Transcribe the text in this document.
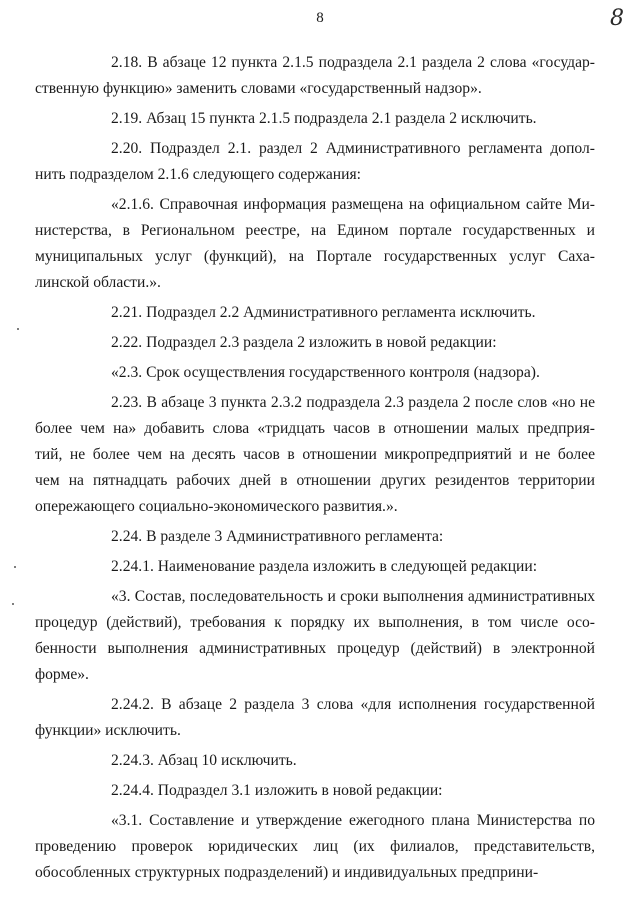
8	8

2.18. В абзаце 12 пункта 2.1.5 подраздела 2.1 раздела 2 слова «государ-
ственную функцию» заменить словами «государственный надзор».

2.19. Абзац 15 пункта 2.1.5 подраздела 2.1 раздела 2 исключить.

2.20. Подраздел 2.1. раздел 2 Административного регламента допол-
нить подразделом 2.1.6 следующего содержания:

«2.1.6. Справочная информация размещена на официальном сайте Ми-
нистерства, в Региональном реестре, на Едином портале государственных и
муниципальных услуг (функций), на Портале государственных услуг Саха-
линской области.».

2.21. Подраздел 2.2 Административного регламента исключить.

2.22. Подраздел 2.3 раздела 2 изложить в новой редакции:

«2.3. Срок осуществления государственного контроля (надзора).

2.23. В абзаце 3 пункта 2.3.2 подраздела 2.3 раздела 2 после слов «но не
более чем на» добавить слова «тридцать часов в отношении малых предприя-
тий, не более чем на десять часов в отношении микропредприятий и не более
чем на пятнадцать рабочих дней в отношении других резидентов территории
опережающего социально-экономического развития.».

2.24. В разделе 3 Административного регламента:

2.24.1. Наименование раздела изложить в следующей редакции:

«3. Состав, последовательность и сроки выполнения административных
процедур (действий), требования к порядку их выполнения, в том числе осо-
бенности выполнения административных процедур (действий) в электронной
форме».

2.24.2. В абзаце 2 раздела 3 слова «для исполнения государственной
функции» исключить.

2.24.3. Абзац 10 исключить.

2.24.4. Подраздел 3.1 изложить в новой редакции:

«3.1. Составление и утверждение ежегодного плана Министерства по
проведению проверок юридических лиц (их филиалов, представительств,
обособленных структурных подразделений) и индивидуальных предприни-
